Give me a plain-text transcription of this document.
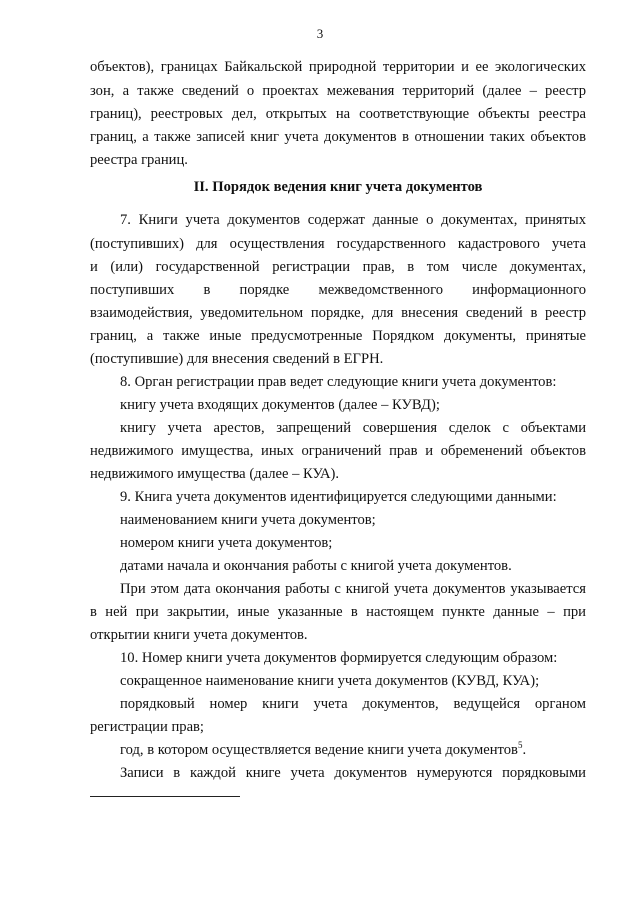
3
объектов), границах Байкальской природной территории и ее экологических
зон, а также сведений о проектах межевания территорий (далее – реестр
границ), реестровых дел, открытых на соответствующие объекты реестра
границ, а также записей книг учета документов в отношении таких объектов
реестра границ.
II. Порядок ведения книг учета документов
7. Книги учета документов содержат данные о документах, принятых
(поступивших) для осуществления государственного кадастрового учета
и (или) государственной регистрации прав, в том числе документах,
поступивших в порядке межведомственного информационного
взаимодействия, уведомительном порядке, для внесения сведений в реестр
границ, а также иные предусмотренные Порядком документы, принятые
(поступившие) для внесения сведений в ЕГРН.
8. Орган регистрации прав ведет следующие книги учета документов:
книгу учета входящих документов (далее – КУВД);
книгу учета арестов, запрещений совершения сделок с объектами
недвижимого имущества, иных ограничений прав и обременений объектов
недвижимого имущества (далее – КУА).
9. Книга учета документов идентифицируется следующими данными:
наименованием книги учета документов;
номером книги учета документов;
датами начала и окончания работы с книгой учета документов.
При этом дата окончания работы с книгой учета документов указывается
в ней при закрытии, иные указанные в настоящем пункте данные – при
открытии книги учета документов.
10. Номер книги учета документов формируется следующим образом:
сокращенное наименование книги учета документов (КУВД, КУА);
порядковый номер книги учета документов, ведущейся органом
регистрации прав;
год, в котором осуществляется ведение книги учета документов$^5$.
Записи в каждой книге учета документов нумеруются порядковыми
